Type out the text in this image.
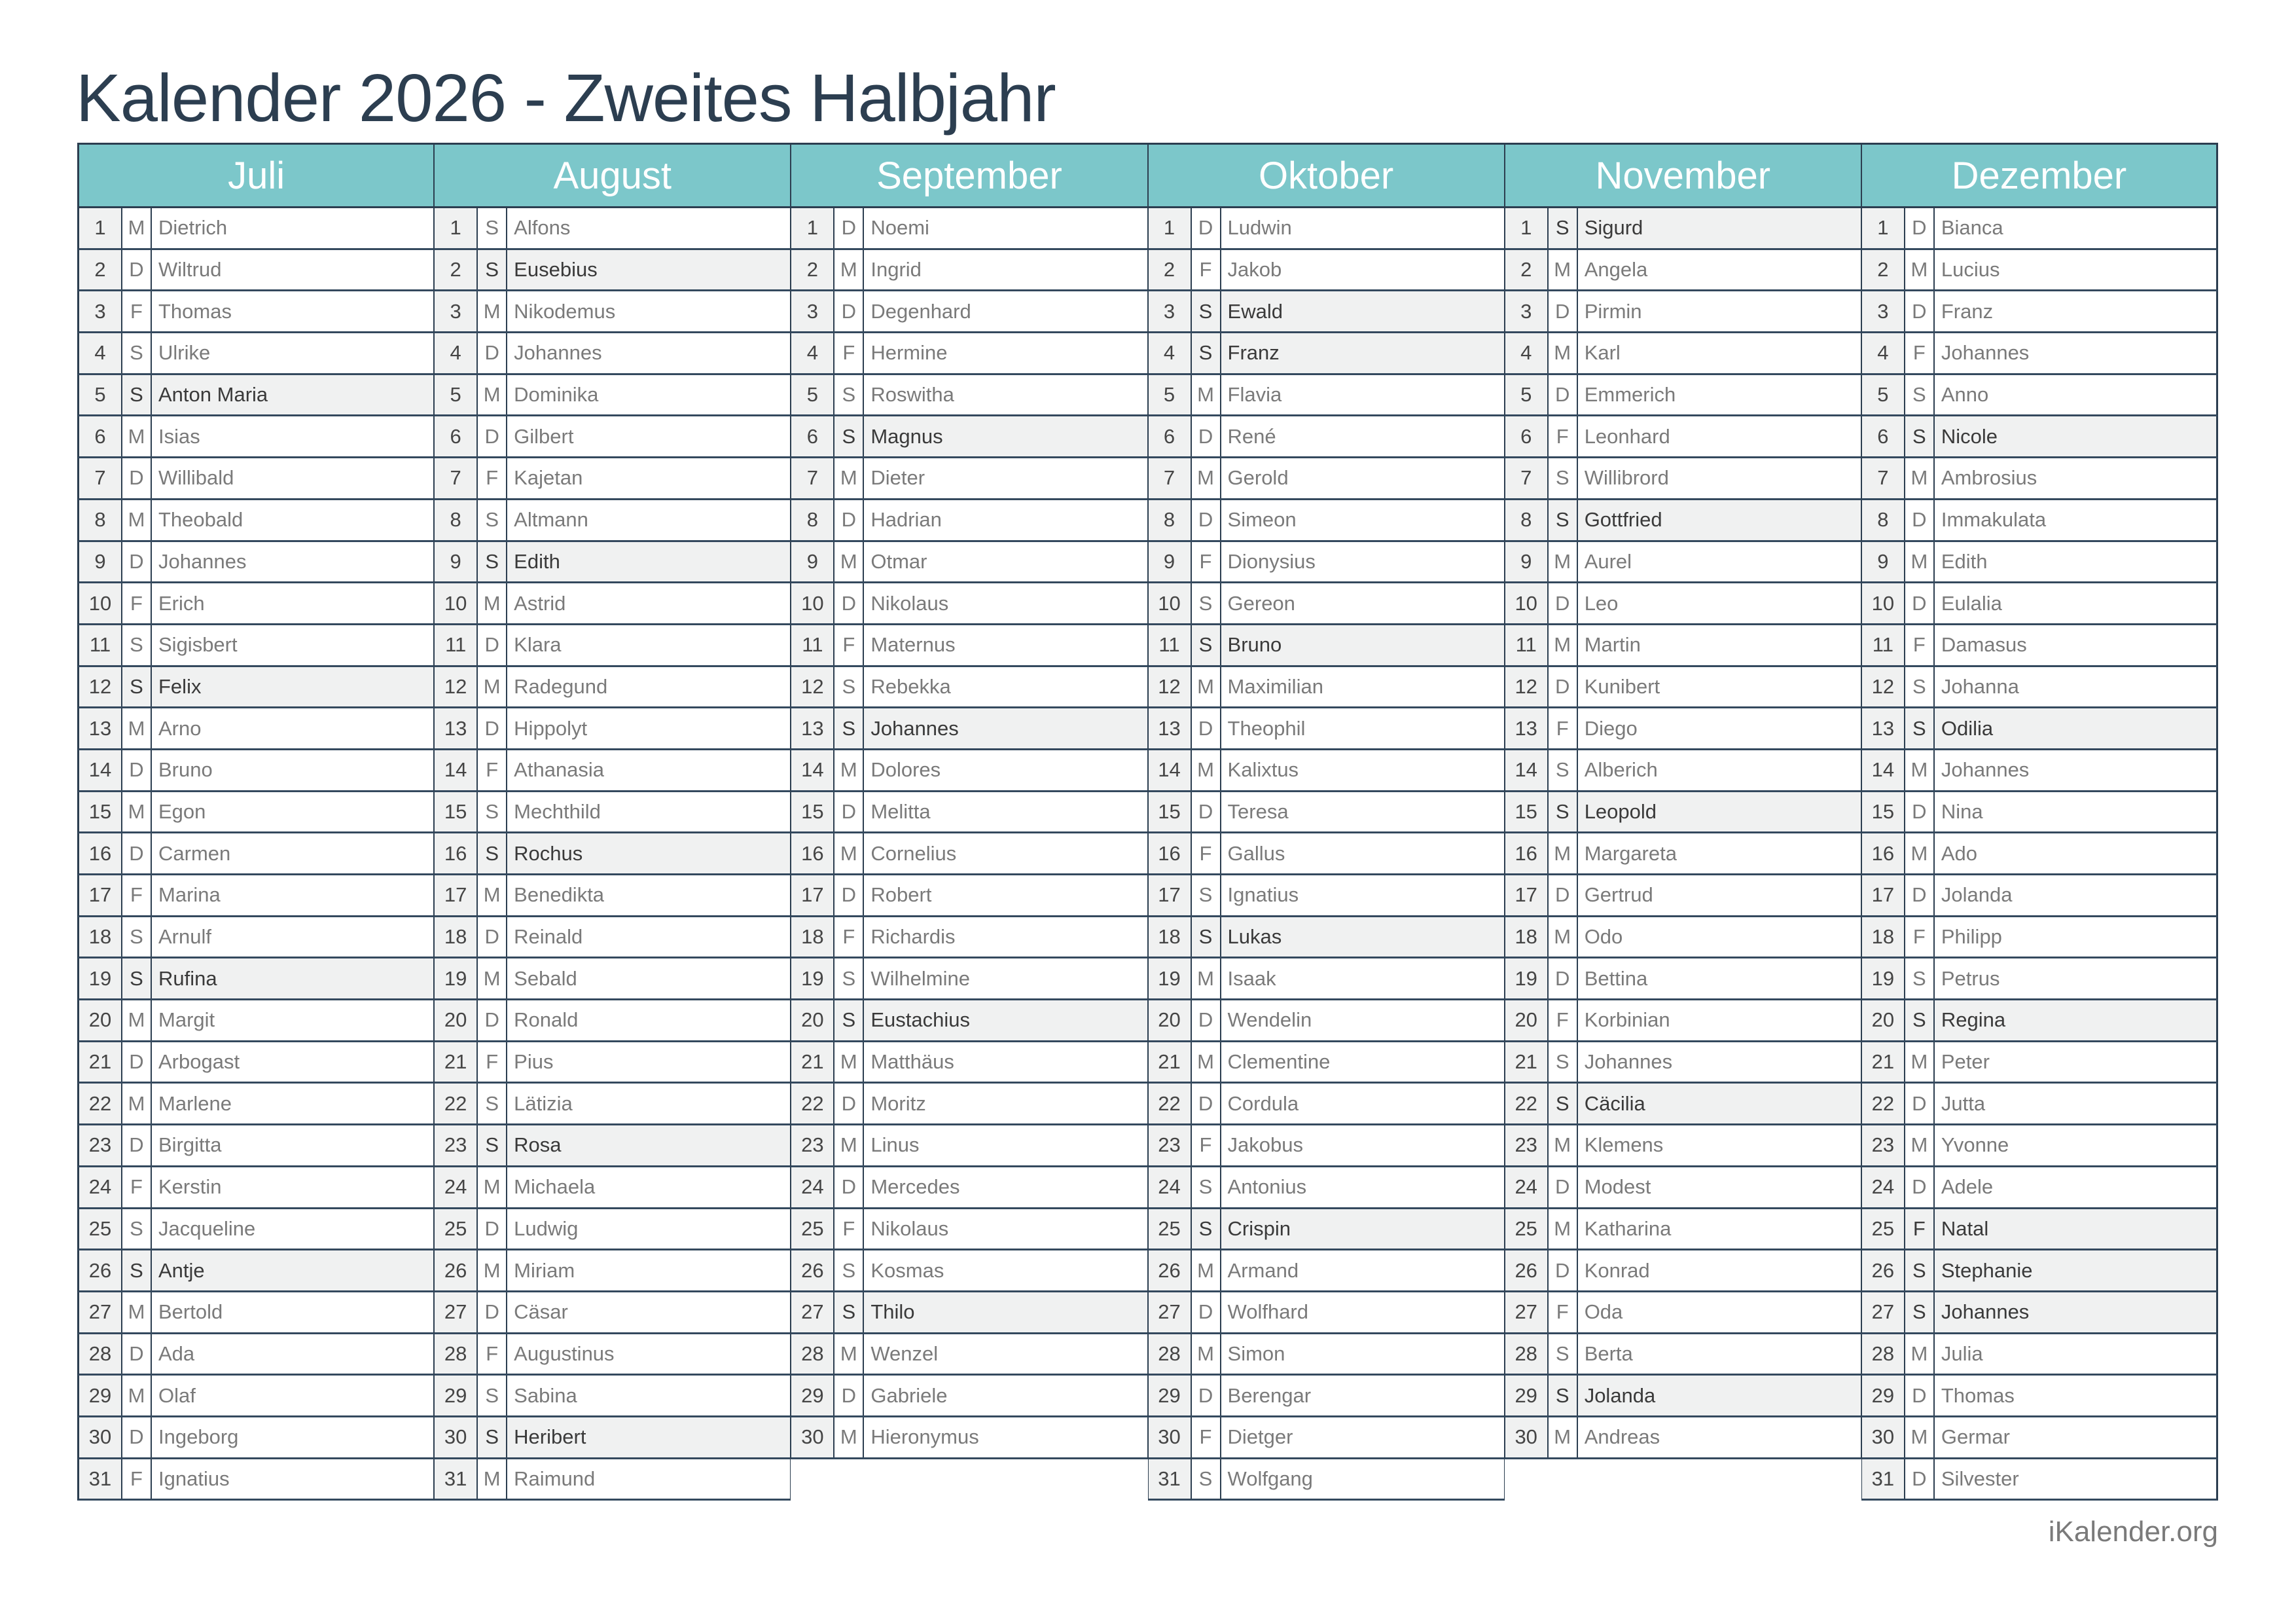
Kalender 2026 - Zweites Halbjahr
Juli
1	M Dietrich
2	D Wiltrud
3	F Thomas
4	S Ulrike
5	S Anton Maria
6	M Isias
7	D Willibald
8	M Theobald
9	D Johannes
10 F Erich
11 S Sigisbert
12 S Felix
13 M Arno
14 D Bruno
15 M Egon
16 D Carmen
17 F Marina
18 S Arnulf
19 S Rufina
20 M Margit
21 D Arbogast
22 M Marlene
23 D Birgitta
24 F Kerstin
25 S Jacqueline
26 S Antje
27 M Bertold
28 D Ada
29 M Olaf
30 D Ingeborg
31 F Ignatius
August
1	S Alfons
2	S Eusebius
3	M Nikodemus
4	D Johannes
5	M Dominika
6	D Gilbert
7	F Kajetan
8	S Altmann
9	S Edith
10 M Astrid
11 D Klara
12 M Radegund
13 D Hippolyt
14 F Athanasia
15 S Mechthild
16 S Rochus
17 M Benedikta
18 D Reinald
19 M Sebald
20 D Ronald
21 F Pius
22 S Lätizia
23 S Rosa
24 M Michaela
25 D Ludwig
26 M Miriam
27 D Cäsar
28 F Augustinus
29 S Sabina
30 S Heribert
31 M Raimund
September
1	D Noemi
2	M Ingrid
3	D Degenhard
4	F Hermine
5	S Roswitha
6	S Magnus
7	M Dieter
8	D Hadrian
9	M Otmar
10 D Nikolaus
11 F Maternus
12 S Rebekka
13 S Johannes
14 M Dolores
15 D Melitta
16 M Cornelius
17 D Robert
18 F Richardis
19 S Wilhelmine
20 S Eustachius
21 M Matthäus
22 D Moritz
23 M Linus
24 D Mercedes
25 F Nikolaus
26 S Kosmas
27 S Thilo
28 M Wenzel
29 D Gabriele
30 M Hieronymus
Oktober
1	D Ludwin
2	F Jakob
3	S Ewald
4	S Franz
5	M Flavia
6	D René
7	M Gerold
8	D Simeon
9	F Dionysius
10 S Gereon
11 S Bruno
12 M Maximilian
13 D Theophil
14 M Kalixtus
15 D Teresa
16 F Gallus
17 S Ignatius
18 S Lukas
19 M Isaak
20 D Wendelin
21 M Clementine
22 D Cordula
23 F Jakobus
24 S Antonius
25 S Crispin
26 M Armand
27 D Wolfhard
28 M Simon
29 D Berengar
30 F Dietger
31 S Wolfgang
November
1	S Sigurd
2	M Angela
3	D Pirmin
4	M Karl
5	D Emmerich
6	F Leonhard
7	S Willibrord
8	S Gottfried
9	M Aurel
10 D Leo
11 M Martin
12 D Kunibert
13 F Diego
14 S Alberich
15 S Leopold
16 M Margareta
17 D Gertrud
18 M Odo
19 D Bettina
20 F Korbinian
21 S Johannes
22 S Cäcilia
23 M Klemens
24 D Modest
25 M Katharina
26 D Konrad
27 F Oda
28 S Berta
29 S Jolanda
30 M Andreas
Dezember
1	D Bianca
2	M Lucius
3	D Franz
4	F Johannes
5	S Anno
6	S Nicole
7	M Ambrosius
8	D Immakulata
9	M Edith
10 D Eulalia
11 F Damasus
12 S Johanna
13 S Odilia
14 M Johannes
15 D Nina
16 M Ado
17 D Jolanda
18 F Philipp
19 S Petrus
20 S Regina
21 M Peter
22 D Jutta
23 M Yvonne
24 D Adele
25 F Natal
26 S Stephanie
27 S Johannes
28 M Julia
29 D Thomas
30 M Germar
31 D Silvester
iKalender.org
